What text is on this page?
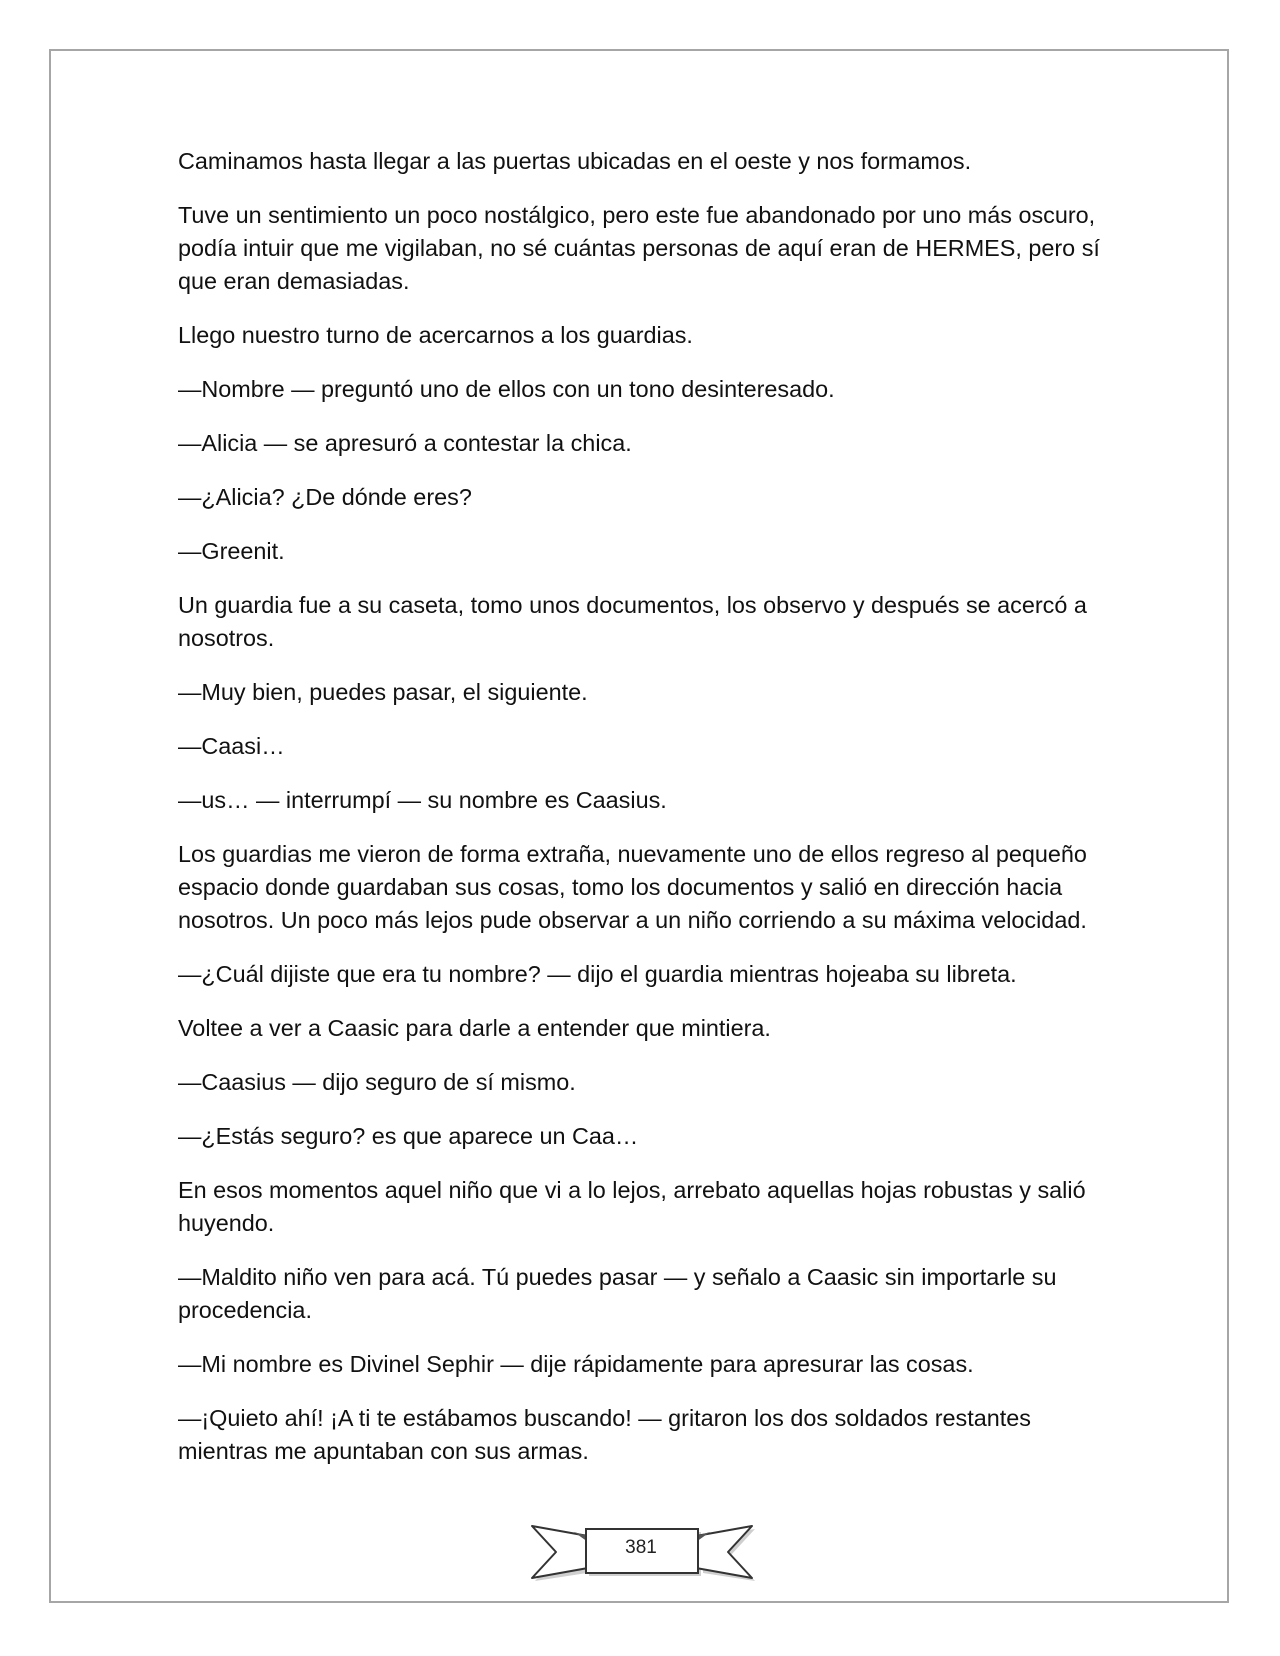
Caminamos hasta llegar a las puertas ubicadas en el oeste y nos formamos.

Tuve un sentimiento un poco nostálgico, pero este fue abandonado por uno más oscuro, podía intuir que me vigilaban, no sé cuántas personas de aquí eran de HERMES, pero sí que eran demasiadas.

Llego nuestro turno de acercarnos a los guardias.

—Nombre — preguntó uno de ellos con un tono desinteresado.

—Alicia — se apresuró a contestar la chica.

—¿Alicia? ¿De dónde eres?

—Greenit.

Un guardia fue a su caseta, tomo unos documentos, los observo y después se acercó a nosotros.

—Muy bien, puedes pasar, el siguiente.

—Caasi…

—us… — interrumpí — su nombre es Caasius.

Los guardias me vieron de forma extraña, nuevamente uno de ellos regreso al pequeño espacio donde guardaban sus cosas, tomo los documentos y salió en dirección hacia nosotros. Un poco más lejos pude observar a un niño corriendo a su máxima velocidad.

—¿Cuál dijiste que era tu nombre? — dijo el guardia mientras hojeaba su libreta.

Voltee a ver a Caasic para darle a entender que mintiera.

—Caasius — dijo seguro de sí mismo.

—¿Estás seguro? es que aparece un Caa…

En esos momentos aquel niño que vi a lo lejos, arrebato aquellas hojas robustas y salió huyendo.

—Maldito niño ven para acá. Tú puedes pasar — y señalo a Caasic sin importarle su procedencia.

—Mi nombre es Divinel Sephir — dije rápidamente para apresurar las cosas.

—¡Quieto ahí! ¡A ti te estábamos buscando! — gritaron los dos soldados restantes mientras me apuntaban con sus armas.

381
